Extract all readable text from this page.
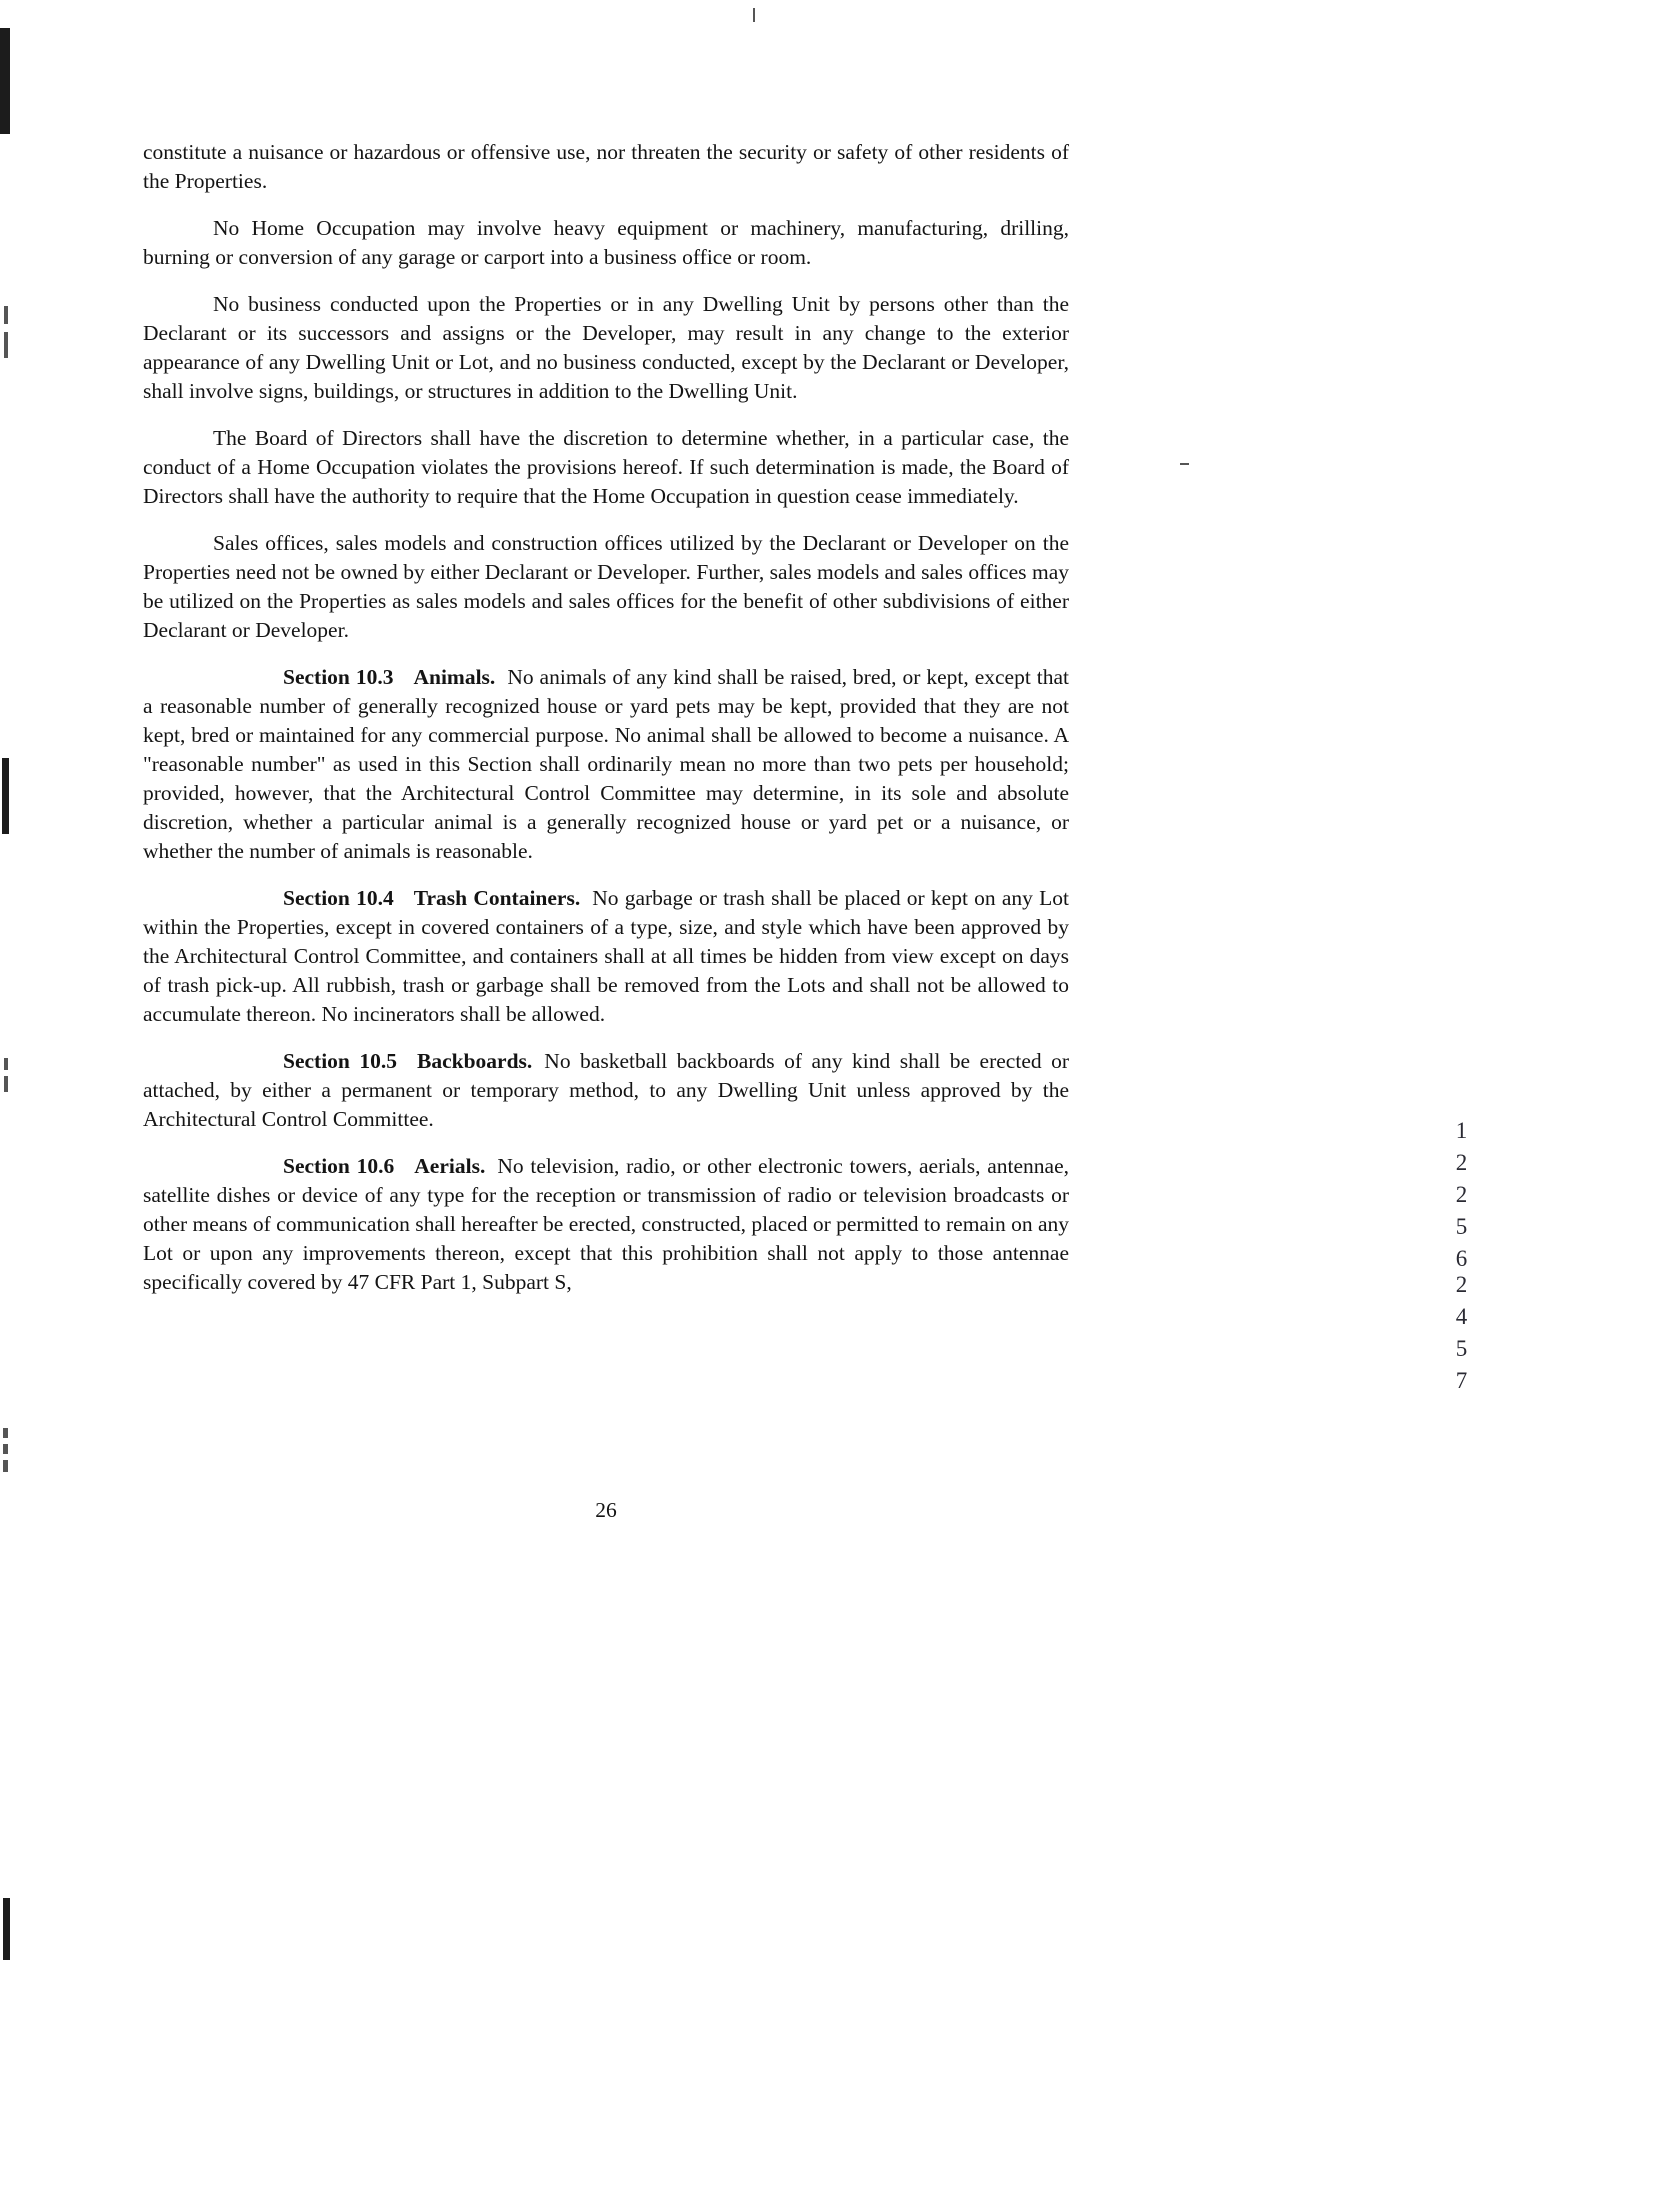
constitute a nuisance or hazardous or offensive use, nor threaten the security or safety of other residents of the Properties.

No Home Occupation may involve heavy equipment or machinery, manufacturing, drilling, burning or conversion of any garage or carport into a business office or room.

No business conducted upon the Properties or in any Dwelling Unit by persons other than the Declarant or its successors and assigns or the Developer, may result in any change to the exterior appearance of any Dwelling Unit or Lot, and no business conducted, except by the Declarant or Developer, shall involve signs, buildings, or structures in addition to the Dwelling Unit.

The Board of Directors shall have the discretion to determine whether, in a particular case, the conduct of a Home Occupation violates the provisions hereof. If such determination is made, the Board of Directors shall have the authority to require that the Home Occupation in question cease immediately.

Sales offices, sales models and construction offices utilized by the Declarant or Developer on the Properties need not be owned by either Declarant or Developer. Further, sales models and sales offices may be utilized on the Properties as sales models and sales offices for the benefit of other subdivisions of either Declarant or Developer.

Section 10.3 Animals. No animals of any kind shall be raised, bred, or kept, except that a reasonable number of generally recognized house or yard pets may be kept, provided that they are not kept, bred or maintained for any commercial purpose. No animal shall be allowed to become a nuisance. A "reasonable number" as used in this Section shall ordinarily mean no more than two pets per household; provided, however, that the Architectural Control Committee may determine, in its sole and absolute discretion, whether a particular animal is a generally recognized house or yard pet or a nuisance, or whether the number of animals is reasonable.

Section 10.4 Trash Containers. No garbage or trash shall be placed or kept on any Lot within the Properties, except in covered containers of a type, size, and style which have been approved by the Architectural Control Committee, and containers shall at all times be hidden from view except on days of trash pick-up. All rubbish, trash or garbage shall be removed from the Lots and shall not be allowed to accumulate thereon. No incinerators shall be allowed.

Section 10.5 Backboards. No basketball backboards of any kind shall be erected or attached, by either a permanent or temporary method, to any Dwelling Unit unless approved by the Architectural Control Committee.

Section 10.6 Aerials. No television, radio, or other electronic towers, aerials, antennae, satellite dishes or device of any type for the reception or transmission of radio or television broadcasts or other means of communication shall hereafter be erected, constructed, placed or permitted to remain on any Lot or upon any improvements thereon, except that this prohibition shall not apply to those antennae specifically covered by 47 CFR Part 1, Subpart S,

12256
2457
26
